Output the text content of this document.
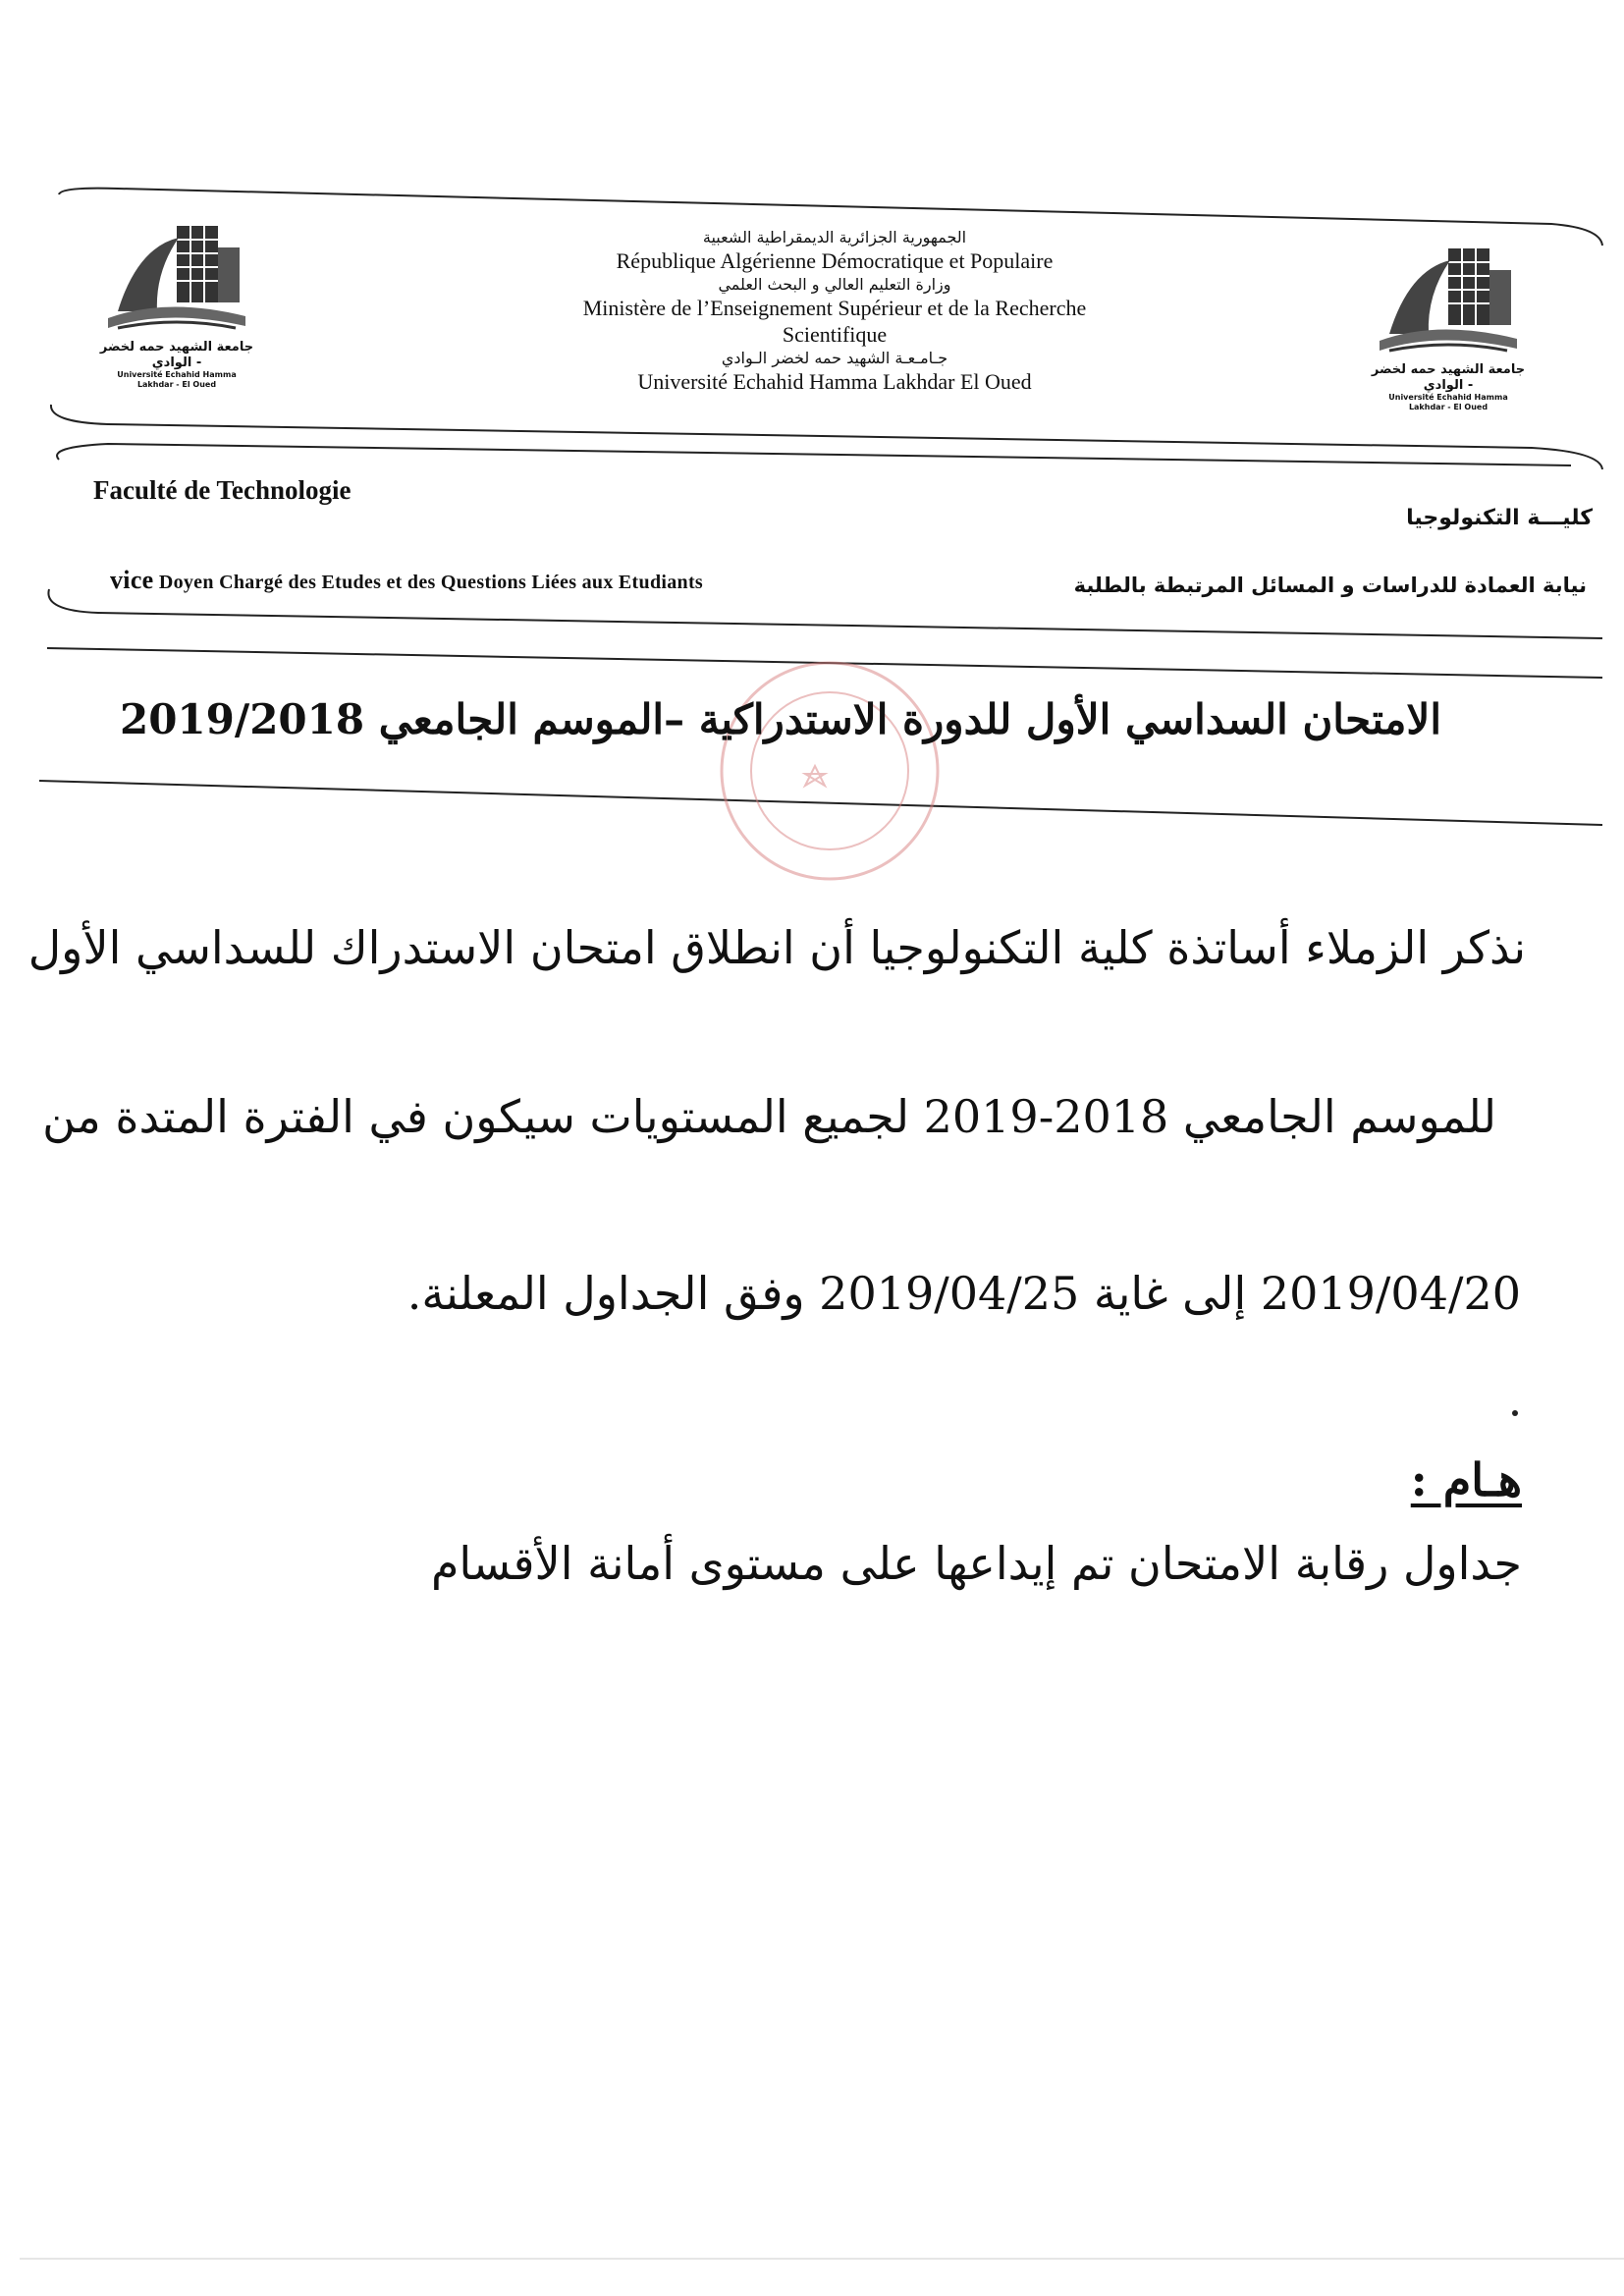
جامعة الشهيد حمه لخضر - الوادي
Université Echahid Hamma Lakhdar - El Oued
جامعة الشهيد حمه لخضر - الوادي
Université Echahid Hamma Lakhdar - El Oued
الجمهورية الجزائرية الديمقراطية الشعبية
République Algérienne Démocratique et Populaire
وزارة التعليم العالي و البحث العلمي
Ministère de l’Enseignement Supérieur et de la Recherche Scientifique
جـامـعـة الشهيد حمه لخضر الـوادي
Université Echahid Hamma Lakhdar El Oued
Faculté de Technologie
كليـــة التكنولوجيا
vice Doyen Chargé des Etudes et des Questions Liées aux Etudiants	نيابة العمادة للدراسات و المسائل المرتبطة بالطلبة
الامتحان السداسي الأول للدورة الاستدراكية –الموسم الجامعي 2019/2018
نذكر الزملاء أساتذة كلية التكنولوجيا أن انطلاق امتحان الاستدراك للسداسي الأول
للموسم الجامعي 2018-2019 لجميع المستويات سيكون في الفترة المتدة من
2019/04/20 إلى غاية 2019/04/25 وفق الجداول المعلنة.
هـام :
جداول رقابة الامتحان تم إيداعها على مستوى أمانة الأقسام
